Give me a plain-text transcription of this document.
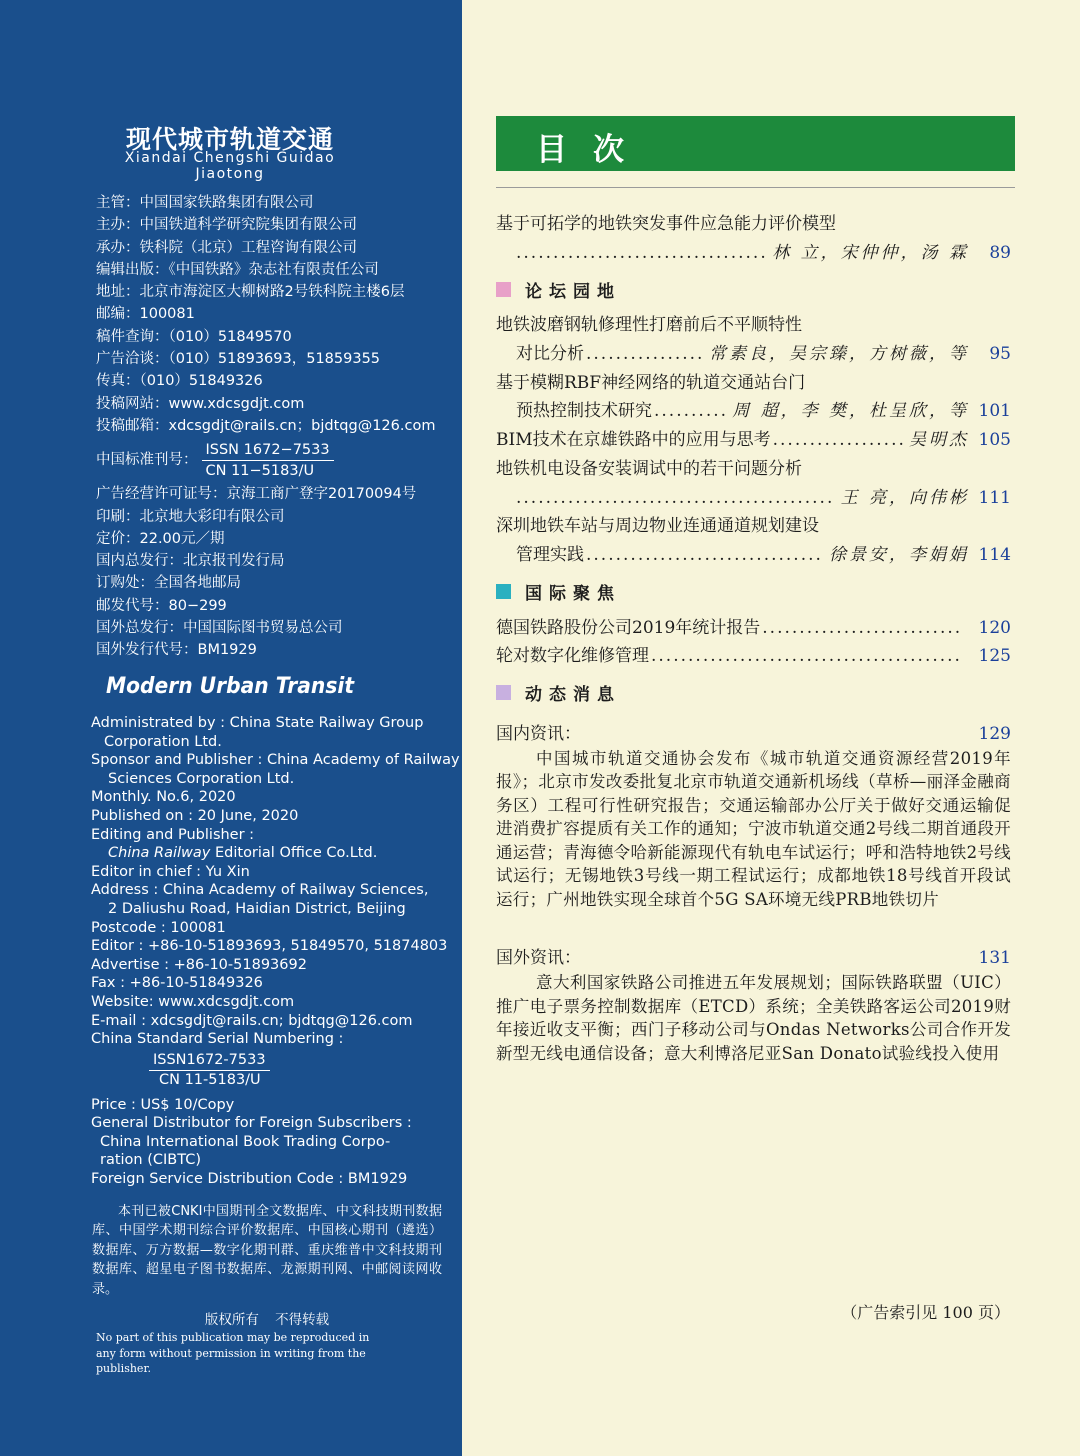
现代城市轨道交通
Xiandai Chengshi Guidao Jiaotong
主管：中国国家铁路集团有限公司
主办：中国铁道科学研究院集团有限公司
承办：铁科院（北京）工程咨询有限公司
编辑出版：《中国铁路》杂志社有限责任公司
地址：北京市海淀区大柳树路2号铁科院主楼6层
邮编：100081
稿件查询：（010）51849570
广告洽谈：（010）51893693，51859355
传真：（010）51849326
投稿网站：www.xdcsgdjt.com
投稿邮箱：xdcsgdjt@rails.cn；bjdtqg@126.com
中国标准刊号：
ISSN 1672−7533
CN 11−5183/U
广告经营许可证号：京海工商广登字20170094号
印刷：北京地大彩印有限公司
定价：22.00元／期
国内总发行：北京报刊发行局
订购处：全国各地邮局
邮发代号：80−299
国外总发行：中国国际图书贸易总公司
国外发行代号：BM1929
Modern Urban Transit
Administrated by : China State Railway Group
Corporation Ltd.
Sponsor and Publisher : China Academy of Railway
Sciences Corporation Ltd.
Monthly. No.6, 2020
Published on : 20 June, 2020
Editing and Publisher :
China Railway Editorial Office Co.Ltd.
Editor in chief : Yu Xin
Address : China Academy of Railway Sciences,
2 Daliushu Road, Haidian District, Beijing
Postcode : 100081
Editor : +86-10-51893693, 51849570, 51874803
Advertise : +86-10-51893692
Fax : +86-10-51849326
Website: www.xdcsgdjt.com
E-mail : xdcsgdjt@rails.cn; bjdtqg@126.com
China Standard Serial Numbering :
ISSN1672-7533
CN 11-5183/U
Price : US$ 10/Copy
General Distributor for Foreign Subscribers :
China International Book Trading Corpo-
ration (CIBTC)
Foreign Service Distribution Code : BM1929
本刊已被CNKI中国期刊全文数据库、中文科技期刊数据库、中国学术期刊综合评价数据库、中国核心期刊（遴选）数据库、万方数据—数字化期刊群、重庆维普中文科技期刊数据库、超星电子图书数据库、龙源期刊网、中邮阅读网收录。
版权所有 不得转载
No part of this publication may be reproduced in any form without permission in writing from the publisher.
目次
基于可拓学的地铁突发事件应急能力评价模型
.....
林 立，宋仲仲，汤 霖	89
论坛园地
地铁波磨钢轨修理性打磨前后不平顺特性
对比分析 .....	常素良，吴宗臻，方树薇，等	95
基于模糊RBF神经网络的轨道交通站台门
预热控制技术研究 .....	周 超，李 樊，杜呈欣，等 101
BIM技术在京雄铁路中的应用与思考 .....	吴明杰 105
地铁机电设备安装调试中的若干问题分析
.....
王 亮，向伟彬 111
深圳地铁车站与周边物业连通通道规划建设
管理实践 .....	徐景安，李娟娟 114
国际聚焦
德国铁路股份公司2019年统计报告 .....	120
轮对数字化维修管理 .....	125
动态消息
国内资讯：	129
中国城市轨道交通协会发布《城市轨道交通资源经营2019年报》；北京市发改委批复北京市轨道交通新机场线（草桥—丽泽金融商务区）工程可行性研究报告；交通运输部办公厅关于做好交通运输促进消费扩容提质有关工作的通知；宁波市轨道交通2号线二期首通段开通运营；青海德令哈新能源现代有轨电车试运行；呼和浩特地铁2号线试运行；无锡地铁3号线一期工程试运行；成都地铁18号线首开段试运行；广州地铁实现全球首个5G SA环境无线PRB地铁切片
国外资讯：	131
意大利国家铁路公司推进五年发展规划；国际铁路联盟（UIC）推广电子票务控制数据库（ETCD）系统；全美铁路客运公司2019财年接近收支平衡；西门子移动公司与Ondas Networks公司合作开发新型无线电通信设备；意大利博洛尼亚San Donato试验线投入使用
（广告索引见 100 页）
